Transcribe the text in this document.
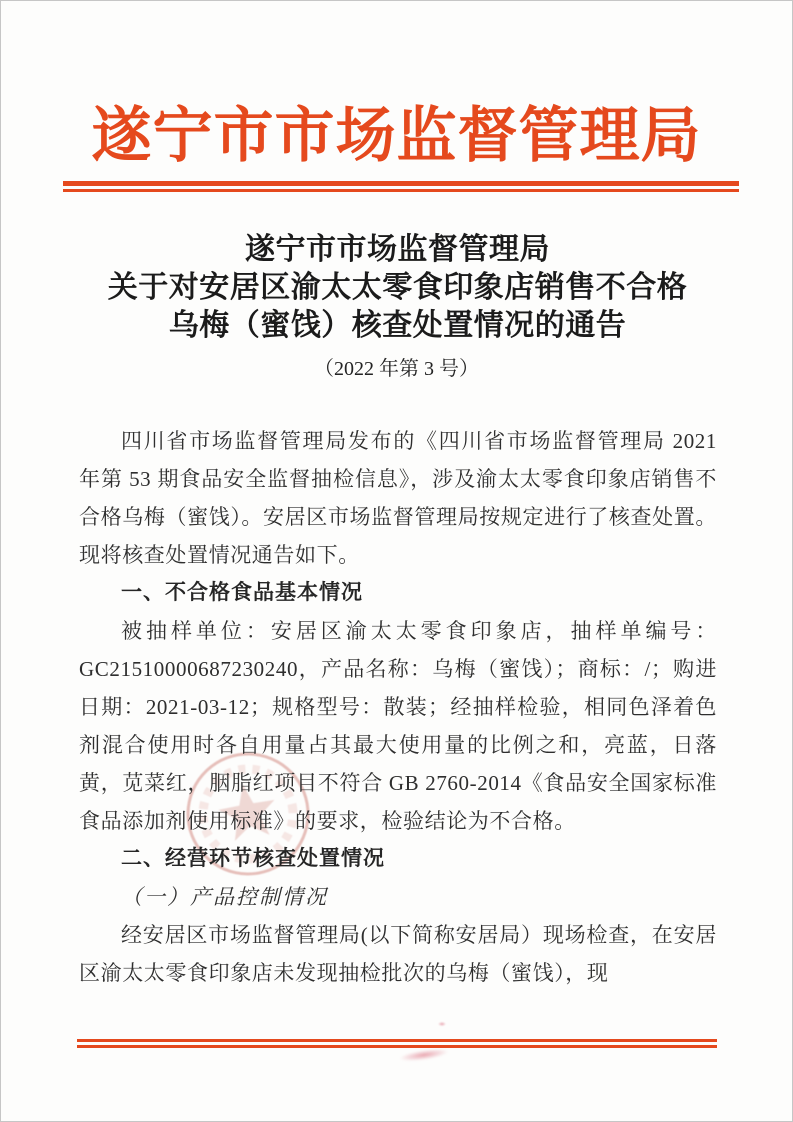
遂宁市市场监督管理局
遂宁市市场监督管理局
关于对安居区渝太太零食印象店销售不合格
乌梅（蜜饯）核查处置情况的通告
（2022 年第 3 号）

四川省市场监督管理局发布的《四川省市场监督管理局 2021 年第 53 期食品安全监督抽检信息》，涉及渝太太零食印象店销售不合格乌梅（蜜饯）。安居区市场监督管理局按规定进行了核查处置。现将核查处置情况通告如下。

一、不合格食品基本情况

被抽样单位：安居区渝太太零食印象店，抽样单编号：GC21510000687230240，产品名称：乌梅（蜜饯）；商标：/；购进日期：2021-03-12；规格型号：散装；经抽样检验，相同色泽着色剂混合使用时各自用量占其最大使用量的比例之和，亮蓝，日落黄，苋菜红，胭脂红项目不符合 GB 2760-2014《食品安全国家标准 食品添加剂使用标准》的要求，检验结论为不合格。

二、经营环节核查处置情况

（一）产品控制情况

经安居区市场监督管理局(以下简称安居局）现场检查，在安居区渝太太零食印象店未发现抽检批次的乌梅（蜜饯），现
